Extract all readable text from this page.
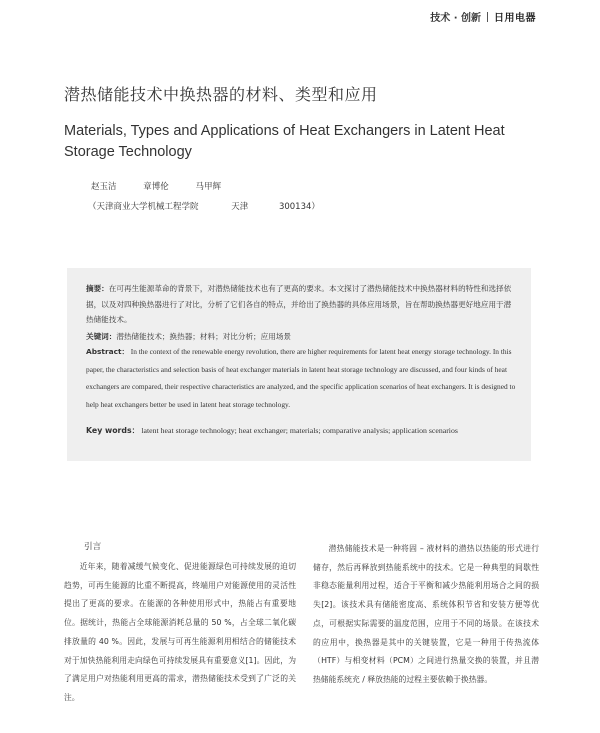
技术 · 创新 日用电器
潜热储能技术中换热器的材料、类型和应用
Materials, Types and Applications of Heat Exchangers in Latent Heat Storage Technology
赵玉洁	章博伦	马甲辉
（天津商业大学机械工程学院	天津	300134）
摘要：在可再生能源革命的背景下，对潜热储能技术也有了更高的要求。本文探讨了潜热储能技术中换热器材料的特性和选择依据，以及对四种换热器进行了对比，分析了它们各自的特点，并给出了换热器的具体应用场景，旨在帮助换热器更好地应用于潜热储能技术。
关键词：潜热储能技术；换热器；材料；对比分析；应用场景
Abstract： In the context of the renewable energy revolution, there are higher requirements for latent heat energy storage technology. In this paper, the characteristics and selection basis of heat exchanger materials in latent heat storage technology are discussed, and four kinds of heat exchangers are compared, their respective characteristics are analyzed, and the specific application scenarios of heat exchangers. It is designed to help heat exchangers better be used in latent heat storage technology.
Key words： latent heat storage technology; heat exchanger; materials; comparative analysis; application scenarios
引言

近年来，随着减缓气候变化、促进能源绿色可持续发展的迫切趋势，可再生能源的比重不断提高，终端用户对能源使用的灵活性提出了更高的要求。在能源的各种使用形式中，热能占有重要地位。据统计，热能占全球能源消耗总量的 50 %，占全球二氧化碳排放量的 40 %。因此，发展与可再生能源利用相结合的储能技术对于加快热能利用走向绿色可持续发展具有重要意义[1]。因此，为了满足用户对热能利用更高的需求，潜热储能技术受到了广泛的关注。

潜热储能技术是一种将固 – 液材料的潜热以热能的形式进行储存，然后再释放到热能系统中的技术。它是一种典型的间歇性非稳态能量利用过程，适合于平衡和减少热能利用场合之间的损失[2]。该技术具有储能密度高、系统体积节省和安装方便等优点，可根据实际需要的温度范围，应用于不同的场景。在该技术的应用中，换热器是其中的关键装置，它是一种用于传热流体（HTF）与相变材料（PCM）之间进行热量交换的装置，并且潜热储能系统充 / 释放热能的过程主要依赖于换热器。
